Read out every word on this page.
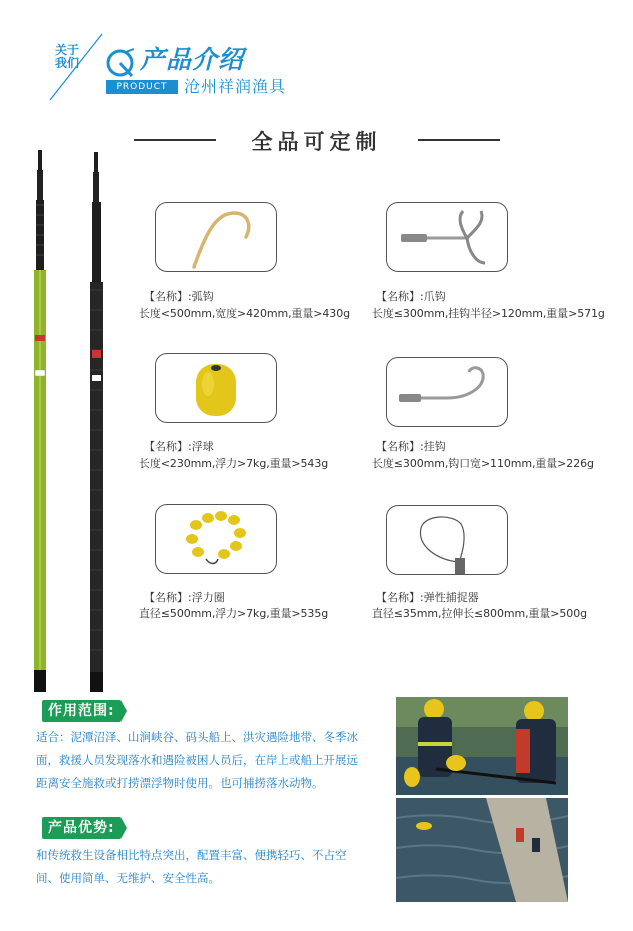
关于
我们 产品介绍
PRODUCT	沧州祥润渔具
全品可定制
【名称】:弧钩
长度<500mm,宽度>420mm,重量>430g
【名称】:爪钩
长度≤300mm,挂钩半径>120mm,重量>571g
【名称】:浮球
长度<230mm,浮力>7kg,重量>543g
【名称】:挂钩
长度≤300mm,钩口宽>110mm,重量>226g
【名称】:浮力圈
直径≤500mm,浮力>7kg,重量>535g
【名称】:弹性捕捉器
直径≤35mm,拉伸长≤800mm,重量>500g
作用范围:
适合：泥潭沼泽、山涧峡谷、码头船上、洪灾遇险地带、冬季冰面，救援人员发现落水和遇险被困人员后，在岸上或船上开展远距离安全施救或打捞漂浮物时使用。也可捕捞落水动物。
产品优势:
和传统救生设备相比特点突出，配置丰富、便携轻巧、不占空间、使用简单、无维护、安全性高。
